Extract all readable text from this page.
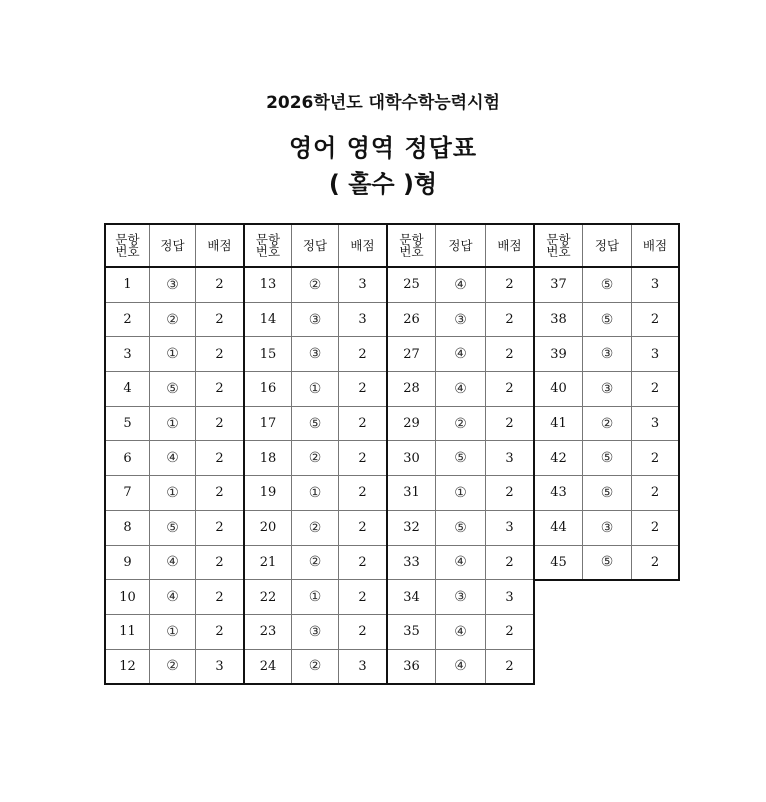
2026학년도 대학수학능력시험
영어 영역 정답표
( 홀수 )형
문항
번호	정답	배점
1	③	2
2	②	2
3	①	2
4	⑤	2
5	①	2
6	④	2
7	①	2
8	⑤	2
9	④	2
10	④	2
11	①	2
12	②	3
문항
번호	정답	배점
13	②	3
14	③	3
15	③	2
16	①	2
17	⑤	2
18	②	2
19	①	2
20	②	2
21	②	2
22	①	2
23	③	2
24	②	3
문항
번호	정답	배점
25	④	2
26	③	2
27	④	2
28	④	2
29	②	2
30	⑤	3
31	①	2
32	⑤	3
33	④	2
34	③	3
35	④	2
36	④	2
문항
번호	정답	배점
37	⑤	3
38	⑤	2
39	③	3
40	③	2
41	②	3
42	⑤	2
43	⑤	2
44	③	2
45	⑤	2
